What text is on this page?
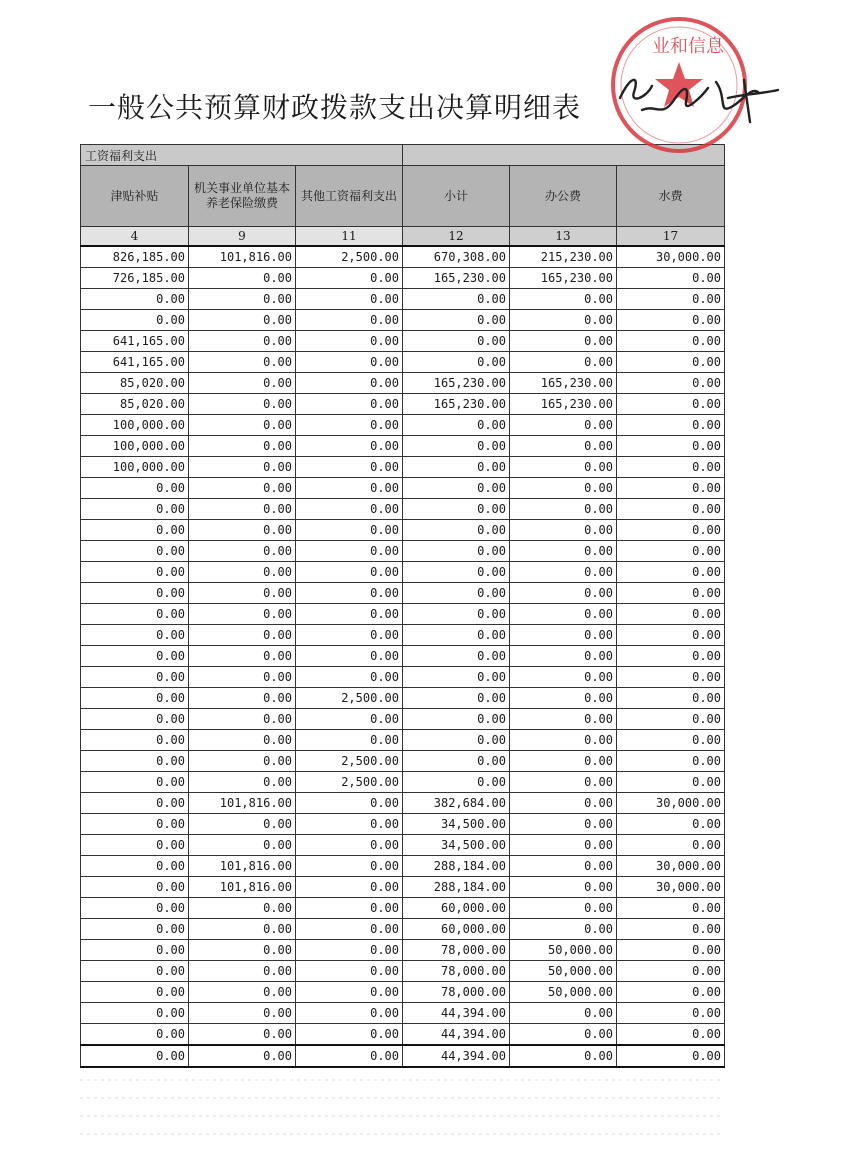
一般公共预算财政拨款支出决算明细表
工资福利支出					
津贴补贴	机关事业单位基本养老保险缴费	其他工资福利支出	小计	办公费	水费
4	9	11	12	13	17
826,185.00	101,816.00	2,500.00	670,308.00	215,230.00	30,000.00
726,185.00	0.00	0.00	165,230.00	165,230.00	0.00
0.00	0.00	0.00	0.00	0.00	0.00
0.00	0.00	0.00	0.00	0.00	0.00
641,165.00	0.00	0.00	0.00	0.00	0.00
641,165.00	0.00	0.00	0.00	0.00	0.00
85,020.00	0.00	0.00	165,230.00	165,230.00	0.00
85,020.00	0.00	0.00	165,230.00	165,230.00	0.00
100,000.00	0.00	0.00	0.00	0.00	0.00
100,000.00	0.00	0.00	0.00	0.00	0.00
100,000.00	0.00	0.00	0.00	0.00	0.00
0.00	0.00	0.00	0.00	0.00	0.00
0.00	0.00	0.00	0.00	0.00	0.00
0.00	0.00	0.00	0.00	0.00	0.00
0.00	0.00	0.00	0.00	0.00	0.00
0.00	0.00	0.00	0.00	0.00	0.00
0.00	0.00	0.00	0.00	0.00	0.00
0.00	0.00	0.00	0.00	0.00	0.00
0.00	0.00	0.00	0.00	0.00	0.00
0.00	0.00	0.00	0.00	0.00	0.00
0.00	0.00	0.00	0.00	0.00	0.00
0.00	0.00	2,500.00	0.00	0.00	0.00
0.00	0.00	0.00	0.00	0.00	0.00
0.00	0.00	0.00	0.00	0.00	0.00
0.00	0.00	2,500.00	0.00	0.00	0.00
0.00	0.00	2,500.00	0.00	0.00	0.00
0.00	101,816.00	0.00	382,684.00	0.00	30,000.00
0.00	0.00	0.00	34,500.00	0.00	0.00
0.00	0.00	0.00	34,500.00	0.00	0.00
0.00	101,816.00	0.00	288,184.00	0.00	30,000.00
0.00	101,816.00	0.00	288,184.00	0.00	30,000.00
0.00	0.00	0.00	60,000.00	0.00	0.00
0.00	0.00	0.00	60,000.00	0.00	0.00
0.00	0.00	0.00	78,000.00	50,000.00	0.00
0.00	0.00	0.00	78,000.00	50,000.00	0.00
0.00	0.00	0.00	78,000.00	50,000.00	0.00
0.00	0.00	0.00	44,394.00	0.00	0.00
0.00	0.00	0.00	44,394.00	0.00	0.00
0.00	0.00	0.00	44,394.00	0.00	0.00
业和信息
